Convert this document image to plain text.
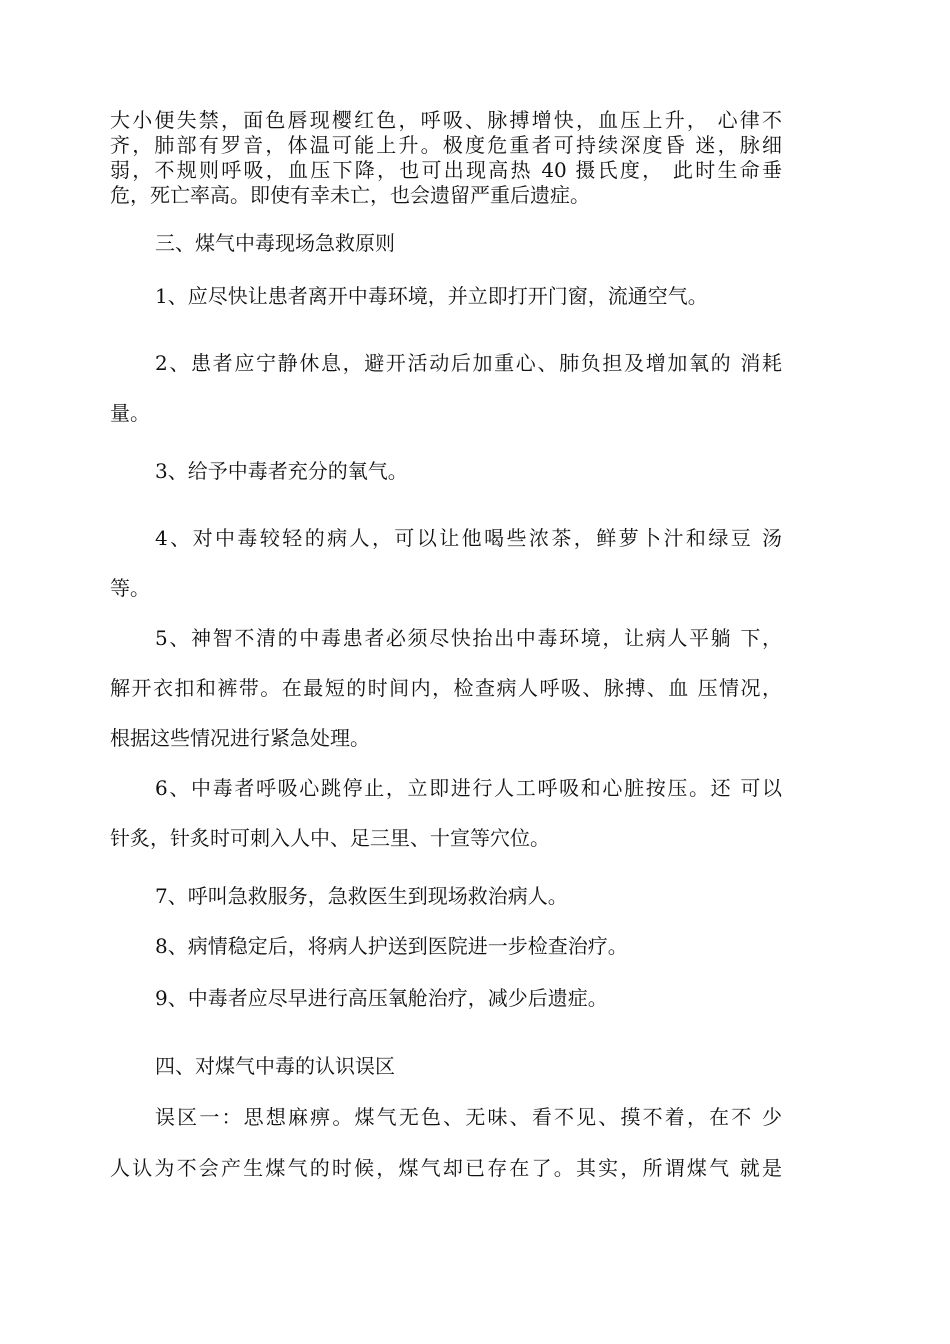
大小便失禁，面色唇现樱红色，呼吸、脉搏增快，血压上升， 心律不
齐，肺部有罗音，体温可能上升。极度危重者可持续深度昏 迷，脉细
弱，不规则呼吸，血压下降，也可出现高热 40 摄氏度， 此时生命垂
危，死亡率高。即使有幸未亡，也会遗留严重后遗症。
三、煤气中毒现场急救原则
1、应尽快让患者离开中毒环境，并立即打开门窗，流通空气。
2、患者应宁静休息，避开活动后加重心、肺负担及增加氧的 消耗
量。
3、给予中毒者充分的氧气。
4、对中毒较轻的病人，可以让他喝些浓茶，鲜萝卜汁和绿豆 汤
等。
5、神智不清的中毒患者必须尽快抬出中毒环境，让病人平躺 下，
解开衣扣和裤带。在最短的时间内，检查病人呼吸、脉搏、血 压情况，
根据这些情况进行紧急处理。
6、中毒者呼吸心跳停止，立即进行人工呼吸和心脏按压。还 可以
针炙，针炙时可刺入人中、足三里、十宣等穴位。
7、呼叫急救服务，急救医生到现场救治病人。
8、病情稳定后，将病人护送到医院进一步检查治疗。
9、中毒者应尽早进行高压氧舱治疗，减少后遗症。
四、对煤气中毒的认识误区
误区一：思想麻痹。煤气无色、无味、看不见、摸不着，在不 少
人认为不会产生煤气的时候，煤气却已存在了。其实，所谓煤气 就是
